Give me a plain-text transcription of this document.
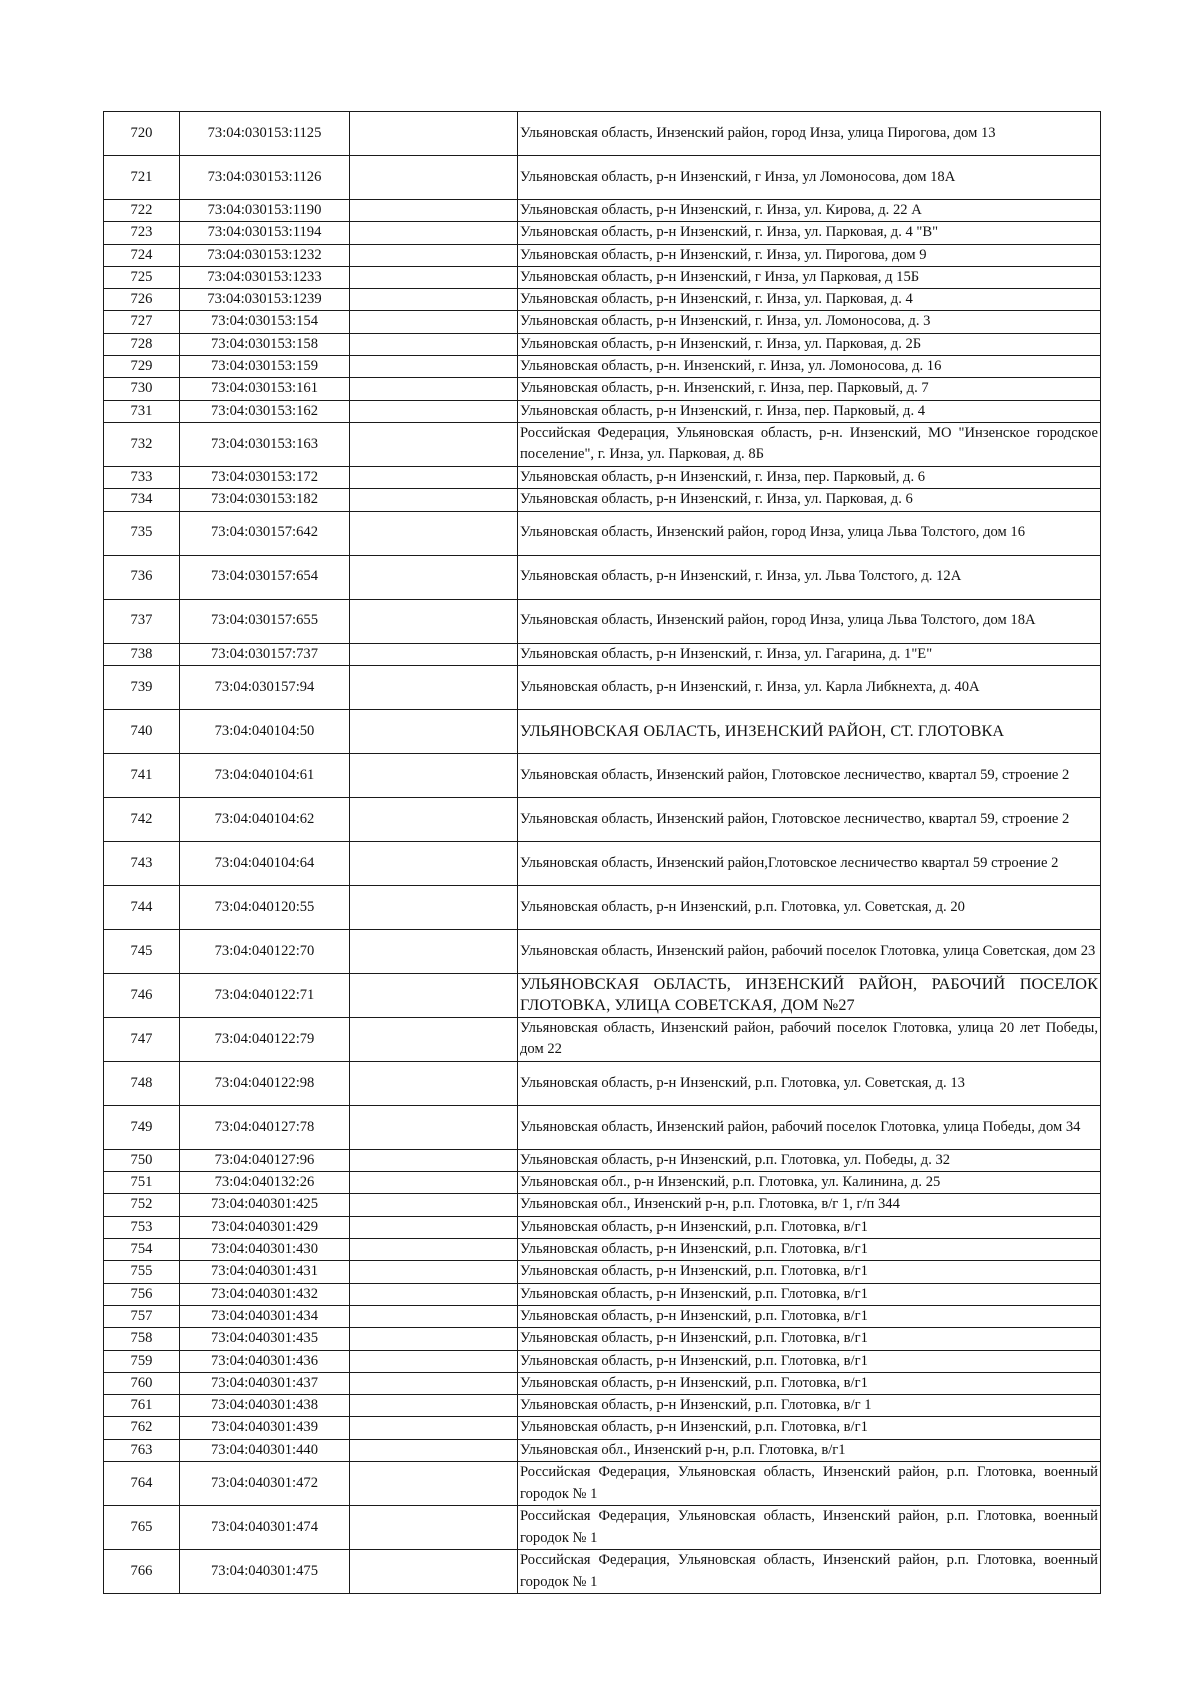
720	73:04:030153:1125		Ульяновская область, Инзенский район, город Инза, улица Пирогова, дом 13
721	73:04:030153:1126		Ульяновская область, р-н Инзенский, г Инза, ул Ломоносова, дом 18А
722	73:04:030153:1190		Ульяновская область, р-н Инзенский, г. Инза, ул. Кирова, д. 22 А
723	73:04:030153:1194		Ульяновская область, р-н Инзенский, г. Инза, ул. Парковая, д. 4 "В"
724	73:04:030153:1232		Ульяновская область, р-н Инзенский, г. Инза, ул. Пирогова, дом 9
725	73:04:030153:1233		Ульяновская область, р-н Инзенский, г Инза, ул Парковая, д 15Б
726	73:04:030153:1239		Ульяновская область, р-н Инзенский, г. Инза, ул. Парковая, д. 4
727	73:04:030153:154		Ульяновская область, р-н Инзенский, г. Инза, ул. Ломоносова, д. 3
728	73:04:030153:158		Ульяновская область, р-н Инзенский, г. Инза, ул. Парковая, д. 2Б
729	73:04:030153:159		Ульяновская область, р-н. Инзенский, г. Инза, ул. Ломоносова, д. 16
730	73:04:030153:161		Ульяновская область, р-н. Инзенский, г. Инза, пер. Парковый, д. 7
731	73:04:030153:162		Ульяновская область, р-н Инзенский, г. Инза, пер. Парковый, д. 4
732	73:04:030153:163		Российская Федерация, Ульяновская область, р-н. Инзенский, МО "Инзенское городское поселение", г. Инза, ул. Парковая, д. 8Б
733	73:04:030153:172		Ульяновская область, р-н Инзенский, г. Инза, пер. Парковый, д. 6
734	73:04:030153:182		Ульяновская область, р-н Инзенский, г. Инза, ул. Парковая, д. 6
735	73:04:030157:642		Ульяновская область, Инзенский район, город Инза, улица Льва Толстого, дом 16
736	73:04:030157:654		Ульяновская область, р-н Инзенский, г. Инза, ул. Льва Толстого, д. 12А
737	73:04:030157:655		Ульяновская область, Инзенский район, город Инза, улица Льва Толстого, дом 18А
738	73:04:030157:737		Ульяновская область, р-н Инзенский, г. Инза, ул. Гагарина, д. 1"Е"
739	73:04:030157:94		Ульяновская область, р-н Инзенский, г. Инза, ул. Карла Либкнехта, д. 40А
740	73:04:040104:50		УЛЬЯНОВСКАЯ ОБЛАСТЬ, ИНЗЕНСКИЙ РАЙОН, СТ. ГЛОТОВКА
741	73:04:040104:61		Ульяновская область, Инзенский район, Глотовское лесничество, квартал 59, строение 2
742	73:04:040104:62		Ульяновская область, Инзенский район, Глотовское лесничество, квартал 59, строение 2
743	73:04:040104:64		Ульяновская область, Инзенский район,Глотовское лесничество квартал 59 строение 2
744	73:04:040120:55		Ульяновская область, р-н Инзенский, р.п. Глотовка, ул. Советская, д. 20
745	73:04:040122:70		Ульяновская область, Инзенский район, рабочий поселок Глотовка, улица Советская, дом 23
746	73:04:040122:71		УЛЬЯНОВСКАЯ ОБЛАСТЬ, ИНЗЕНСКИЙ РАЙОН, РАБОЧИЙ ПОСЕЛОК ГЛОТОВКА, УЛИЦА СОВЕТСКАЯ, ДОМ №27
747	73:04:040122:79		Ульяновская область, Инзенский район, рабочий поселок Глотовка, улица 20 лет Победы, дом 22
748	73:04:040122:98		Ульяновская область, р-н Инзенский, р.п. Глотовка, ул. Советская, д. 13
749	73:04:040127:78		Ульяновская область, Инзенский район, рабочий поселок Глотовка, улица Победы, дом 34
750	73:04:040127:96		Ульяновская область, р-н Инзенский, р.п. Глотовка, ул. Победы, д. 32
751	73:04:040132:26		Ульяновская обл., р-н Инзенский, р.п. Глотовка, ул. Калинина, д. 25
752	73:04:040301:425		Ульяновская обл., Инзенский р-н, р.п. Глотовка, в/г 1, г/п 344
753	73:04:040301:429		Ульяновская область, р-н Инзенский, р.п. Глотовка, в/г1
754	73:04:040301:430		Ульяновская область, р-н Инзенский, р.п. Глотовка, в/г1
755	73:04:040301:431		Ульяновская область, р-н Инзенский, р.п. Глотовка, в/г1
756	73:04:040301:432		Ульяновская область, р-н Инзенский, р.п. Глотовка, в/г1
757	73:04:040301:434		Ульяновская область, р-н Инзенский, р.п. Глотовка, в/г1
758	73:04:040301:435		Ульяновская область, р-н Инзенский, р.п. Глотовка, в/г1
759	73:04:040301:436		Ульяновская область, р-н Инзенский, р.п. Глотовка, в/г1
760	73:04:040301:437		Ульяновская область, р-н Инзенский, р.п. Глотовка, в/г1
761	73:04:040301:438		Ульяновская область, р-н Инзенский, р.п. Глотовка, в/г 1
762	73:04:040301:439		Ульяновская область, р-н Инзенский, р.п. Глотовка, в/г1
763	73:04:040301:440		Ульяновская обл., Инзенский р-н, р.п. Глотовка, в/г1
764	73:04:040301:472		Российская Федерация, Ульяновская область, Инзенский район, р.п. Глотовка, военный городок № 1
765	73:04:040301:474		Российская Федерация, Ульяновская область, Инзенский район, р.п. Глотовка, военный городок № 1
766	73:04:040301:475		Российская Федерация, Ульяновская область, Инзенский район, р.п. Глотовка, военный городок № 1
